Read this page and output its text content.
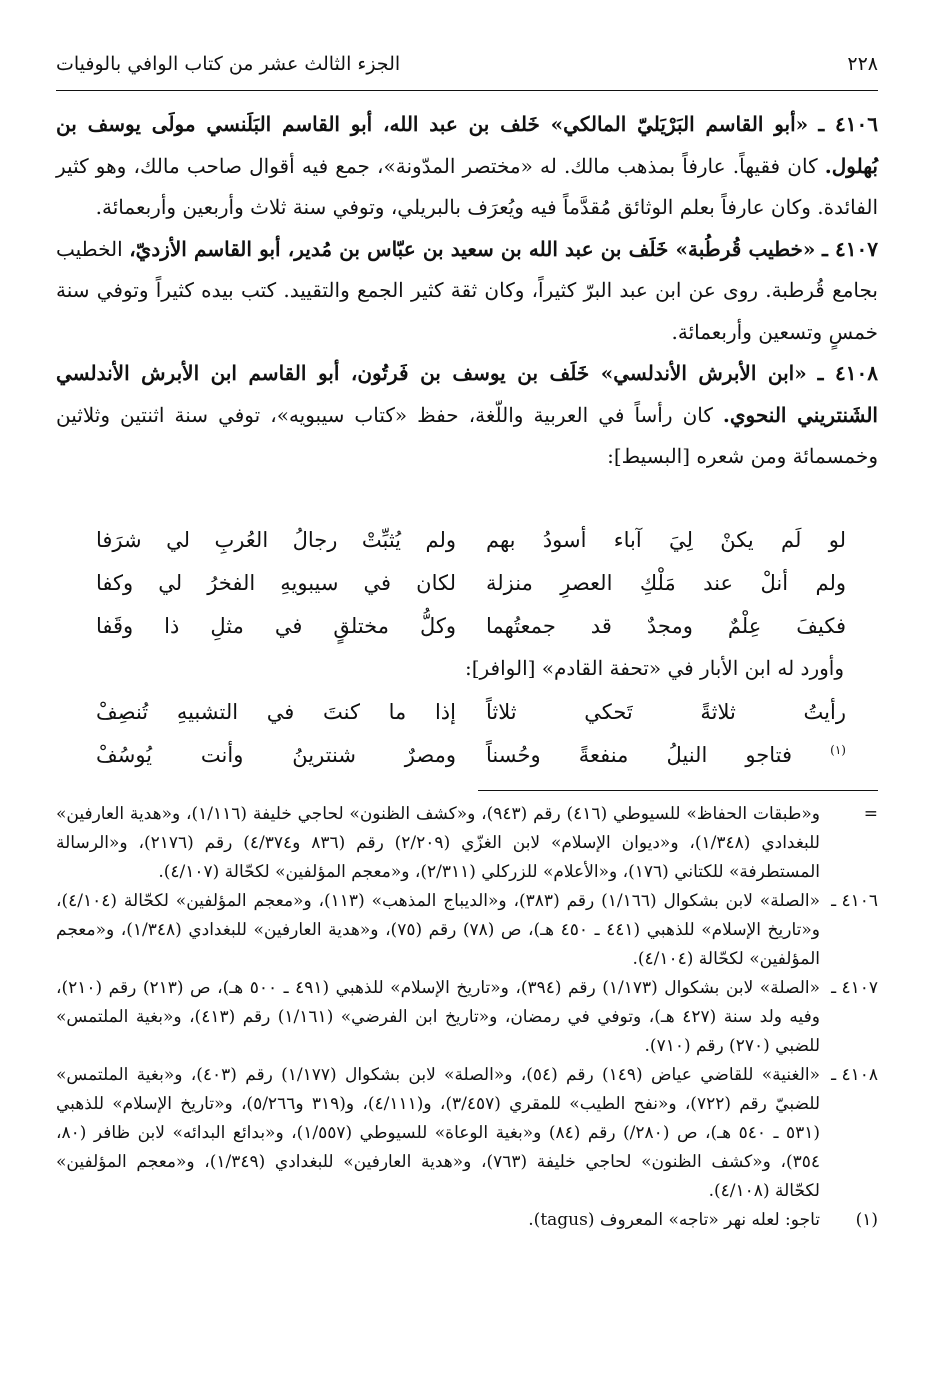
٢٢٨
الجزء الثالث عشر من كتاب الوافي بالوفيات

٤١٠٦ ـ «أبو القاسم البَرْيَليّ المالكي» خَلف بن عبد الله، أبو القاسم البَلَنسي مولَى يوسف بن بُهلول. كان فقيهاً. عارفاً بمذهب مالك. له «مختصر المدّونة»، جمع فيه أقوال صاحب مالك، وهو كثير الفائدة. وكان عارفاً بعلم الوثائق مُقدَّماً فيه ويُعرَف بالبريلي، وتوفي سنة ثلاث وأربعين وأربعمائة.

٤١٠٧ ـ «خطيب قُرطُبة» خَلَف بن عبد الله بن سعيد بن عبّاس بن مُدير، أبو القاسم الأزديّ، الخطيب بجامع قُرطبة. روى عن ابن عبد البرّ كثيراً، وكان ثقة كثير الجمع والتقييد. كتب بيده كثيراً وتوفي سنة خمسٍ وتسعين وأربعمائة.

٤١٠٨ ـ «ابن الأبرش الأندلسي» خَلَف بن يوسف بن فَرتُون، أبو القاسم ابن الأبرش الأندلسي الشَنتريني النحوي. كان رأساً في العربية واللّغة، حفظ «كتاب سيبويه»، توفي سنة اثنتين وثلاثين وخمسمائة ومن شعره [البسيط]:

لو لَم يكنْ لِيَ آباء أسودُ بهم
ولم يُثبِّتْ رجالُ العُربِ لي شرَفا
ولم أنلْ عند مَلْكِ العصرِ منزلة
لكان في سيبويهِ الفخرُ لي وكفا
فكيفَ عِلْمٌ ومجدٌ قد جمعتُهما
وكلُّ مختلقٍ في مثلِ ذا وقَفا
وأورد له ابن الأبار في «تحفة القادم» [الوافر]:
رأيتُ ثلاثةً تَحكي ثلاثاً
إذا ما كنتَ في التشبيهِ تُنصِفْ
$^{(١)}$ فتاجو النيلُ منفعةً وحُسناً
ومصرٌ شنترينُ وأنت يُوسُفْ
=
و«طبقات الحفاظ» للسيوطي (٤١٦) رقم (٩٤٣)، و«كشف الظنون» لحاجي خليفة (١/١١٦)، و«هدية العارفين» للبغدادي (١/٣٤٨)، و«ديوان الإسلام» لابن الغزّي (٢/٢٠٩) رقم (٨٣٦ و٤/٣٧٤) رقم (٢١٧٦)، و«الرسالة المستطرفة» للكتاني (١٧٦)، و«الأعلام» للزركلي (٢/٣١١)، و«معجم المؤلفين» لكحّالة (٤/١٠٧).
٤١٠٦ ـ
«الصلة» لابن بشكوال (١/١٦٦) رقم (٣٨٣)، و«الديباج المذهب» (١١٣)، و«معجم المؤلفين» لكحّالة (٤/١٠٤)، و«تاريخ الإسلام» للذهبي (٤٤١ ـ ٤٥٠ هـ)، ص (٧٨) رقم (٧٥)، و«هدية العارفين» للبغدادي (١/٣٤٨)، و«معجم المؤلفين» لكحّالة (٤/١٠٤).
٤١٠٧ ـ
«الصلة» لابن بشكوال (١/١٧٣) رقم (٣٩٤)، و«تاريخ الإسلام» للذهبي (٤٩١ ـ ٥٠٠ هـ)، ص (٢١٣) رقم (٢١٠)، وفيه ولد سنة (٤٢٧ هـ)، وتوفي في رمضان، و«تاريخ ابن الفرضي» (١/١٦١) رقم (٤١٣)، و«بغية الملتمس» للضبي (٢٧٠) رقم (٧١٠).
٤١٠٨ ـ
«الغنية» للقاضي عياض (١٤٩) رقم (٥٤)، و«الصلة» لابن بشكوال (١/١٧٧) رقم (٤٠٣)، و«بغية الملتمس» للضبيّ رقم (٧٢٢)، و«نفح الطيب» للمقري (٣/٤٥٧)، و(٤/١١١)، و(٣١٩ و٥/٢٦٦)، و«تاريخ الإسلام» للذهبي (٥٣١ ـ ٥٤٠ هـ)، ص (٢٨٠/) رقم (٨٤) و«بغية الوعاة» للسيوطي (١/٥٥٧)، و«بدائع البدائه» لابن ظافر (٨٠، ٣٥٤)، و«كشف الظنون» لحاجي خليفة (٧٦٣)، و«هدية العارفين» للبغدادي (١/٣٤٩)، و«معجم المؤلفين» لكحّالة (٤/١٠٨).
(١)
تاجو: لعله نهر «تاجه» المعروف (tagus).
